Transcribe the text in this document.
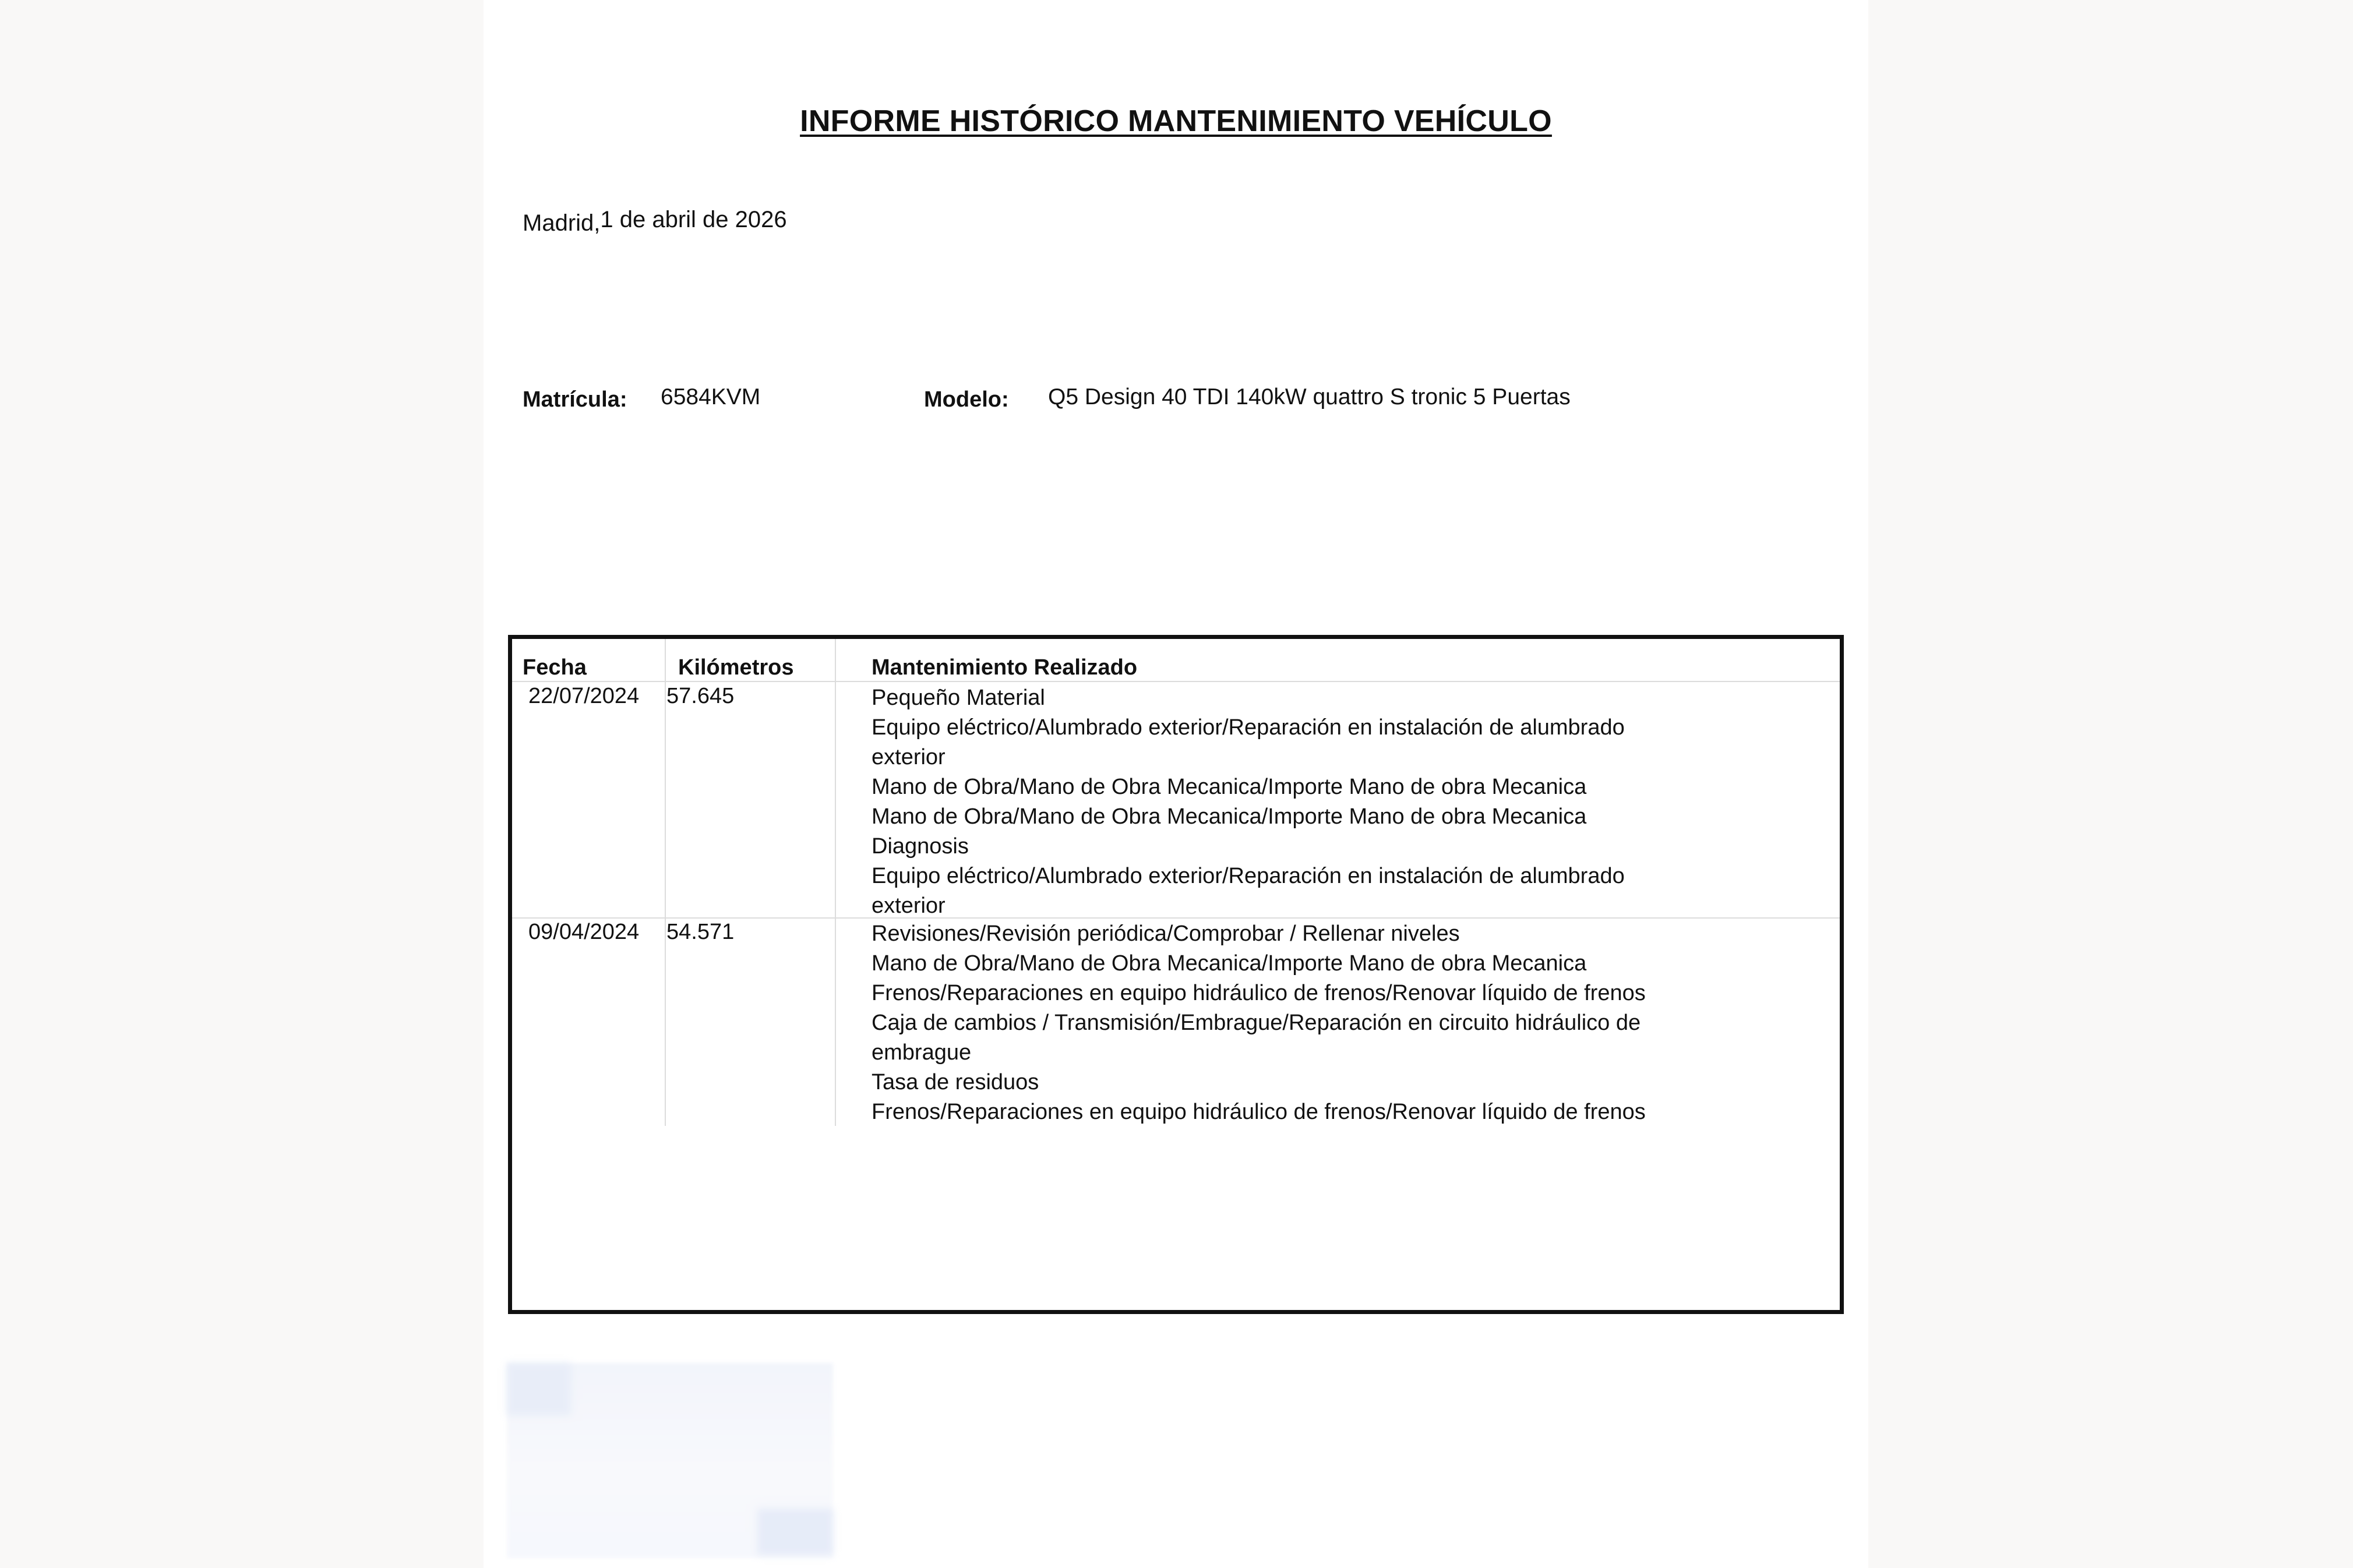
INFORME HISTÓRICO MANTENIMIENTO VEHÍCULO
Madrid,1 de abril de 2026
Matrícula: 6584KVM	Modelo: Q5 Design 40 TDI 140kW quattro S tronic 5 Puertas
Fecha	Kilómetros	Mantenimiento Realizado
22/07/2024 57.645	Pequeño Material
Equipo eléctrico/Alumbrado exterior/Reparación en instalación de alumbrado
exterior
Mano de Obra/Mano de Obra Mecanica/Importe Mano de obra Mecanica
Mano de Obra/Mano de Obra Mecanica/Importe Mano de obra Mecanica
Diagnosis
Equipo eléctrico/Alumbrado exterior/Reparación en instalación de alumbrado
exterior
09/04/2024 54.571	Revisiones/Revisión periódica/Comprobar / Rellenar niveles
Mano de Obra/Mano de Obra Mecanica/Importe Mano de obra Mecanica
Frenos/Reparaciones en equipo hidráulico de frenos/Renovar líquido de frenos
Caja de cambios / Transmisión/Embrague/Reparación en circuito hidráulico de
embrague
Tasa de residuos
Frenos/Reparaciones en equipo hidráulico de frenos/Renovar líquido de frenos
